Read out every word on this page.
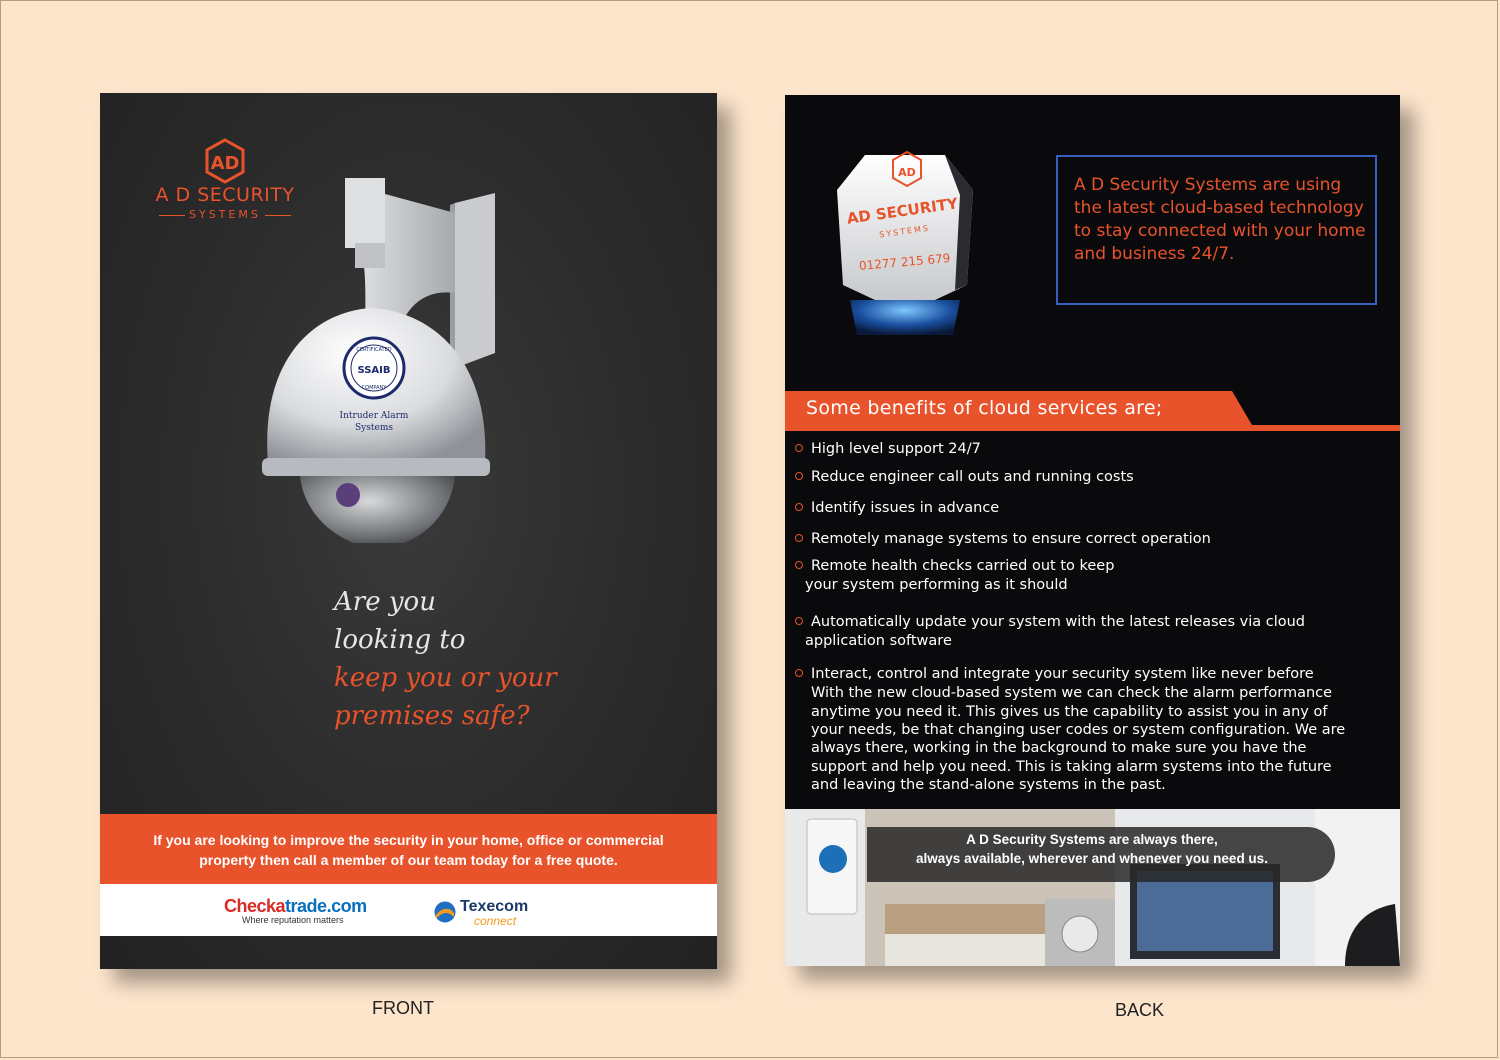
AD
A D SECURITY
SYSTEMS
CERTIFICATED
SSAIB
COMPANY
Intruder Alarm
Systems
Are you
looking to
keep you or your
premises safe?
If you are looking to improve the security in your home, office or commercial
property then call a member of our team today for a free quote.
Checkatrade.com
Where reputation matters
Texecom
connect
AD
AD SECURITY
SYSTEMS
01277 215 679
A D Security Systems are using the latest cloud-based technology to stay connected with your home and business 24/7.
Some benefits of cloud services are;
High level support 24/7
Reduce engineer call outs and running costs
Identify issues in advance
Remotely manage systems to ensure correct operation
Remote health checks carried out to keep
your system performing as it should
Automatically update your system with the latest releases via cloud
application software
Interact, control and integrate your security system like never before
With the new cloud-based system we can check the alarm performance
anytime you need it. This gives us the capability to assist you in any of
your needs, be that changing user codes or system configuration. We are
always there, working in the background to make sure you have the
support and help you need. This is taking alarm systems into the future
and leaving the stand-alone systems in the past.
A D Security Systems are always there,
always available, wherever and whenever you need us.
FRONT	BACK
